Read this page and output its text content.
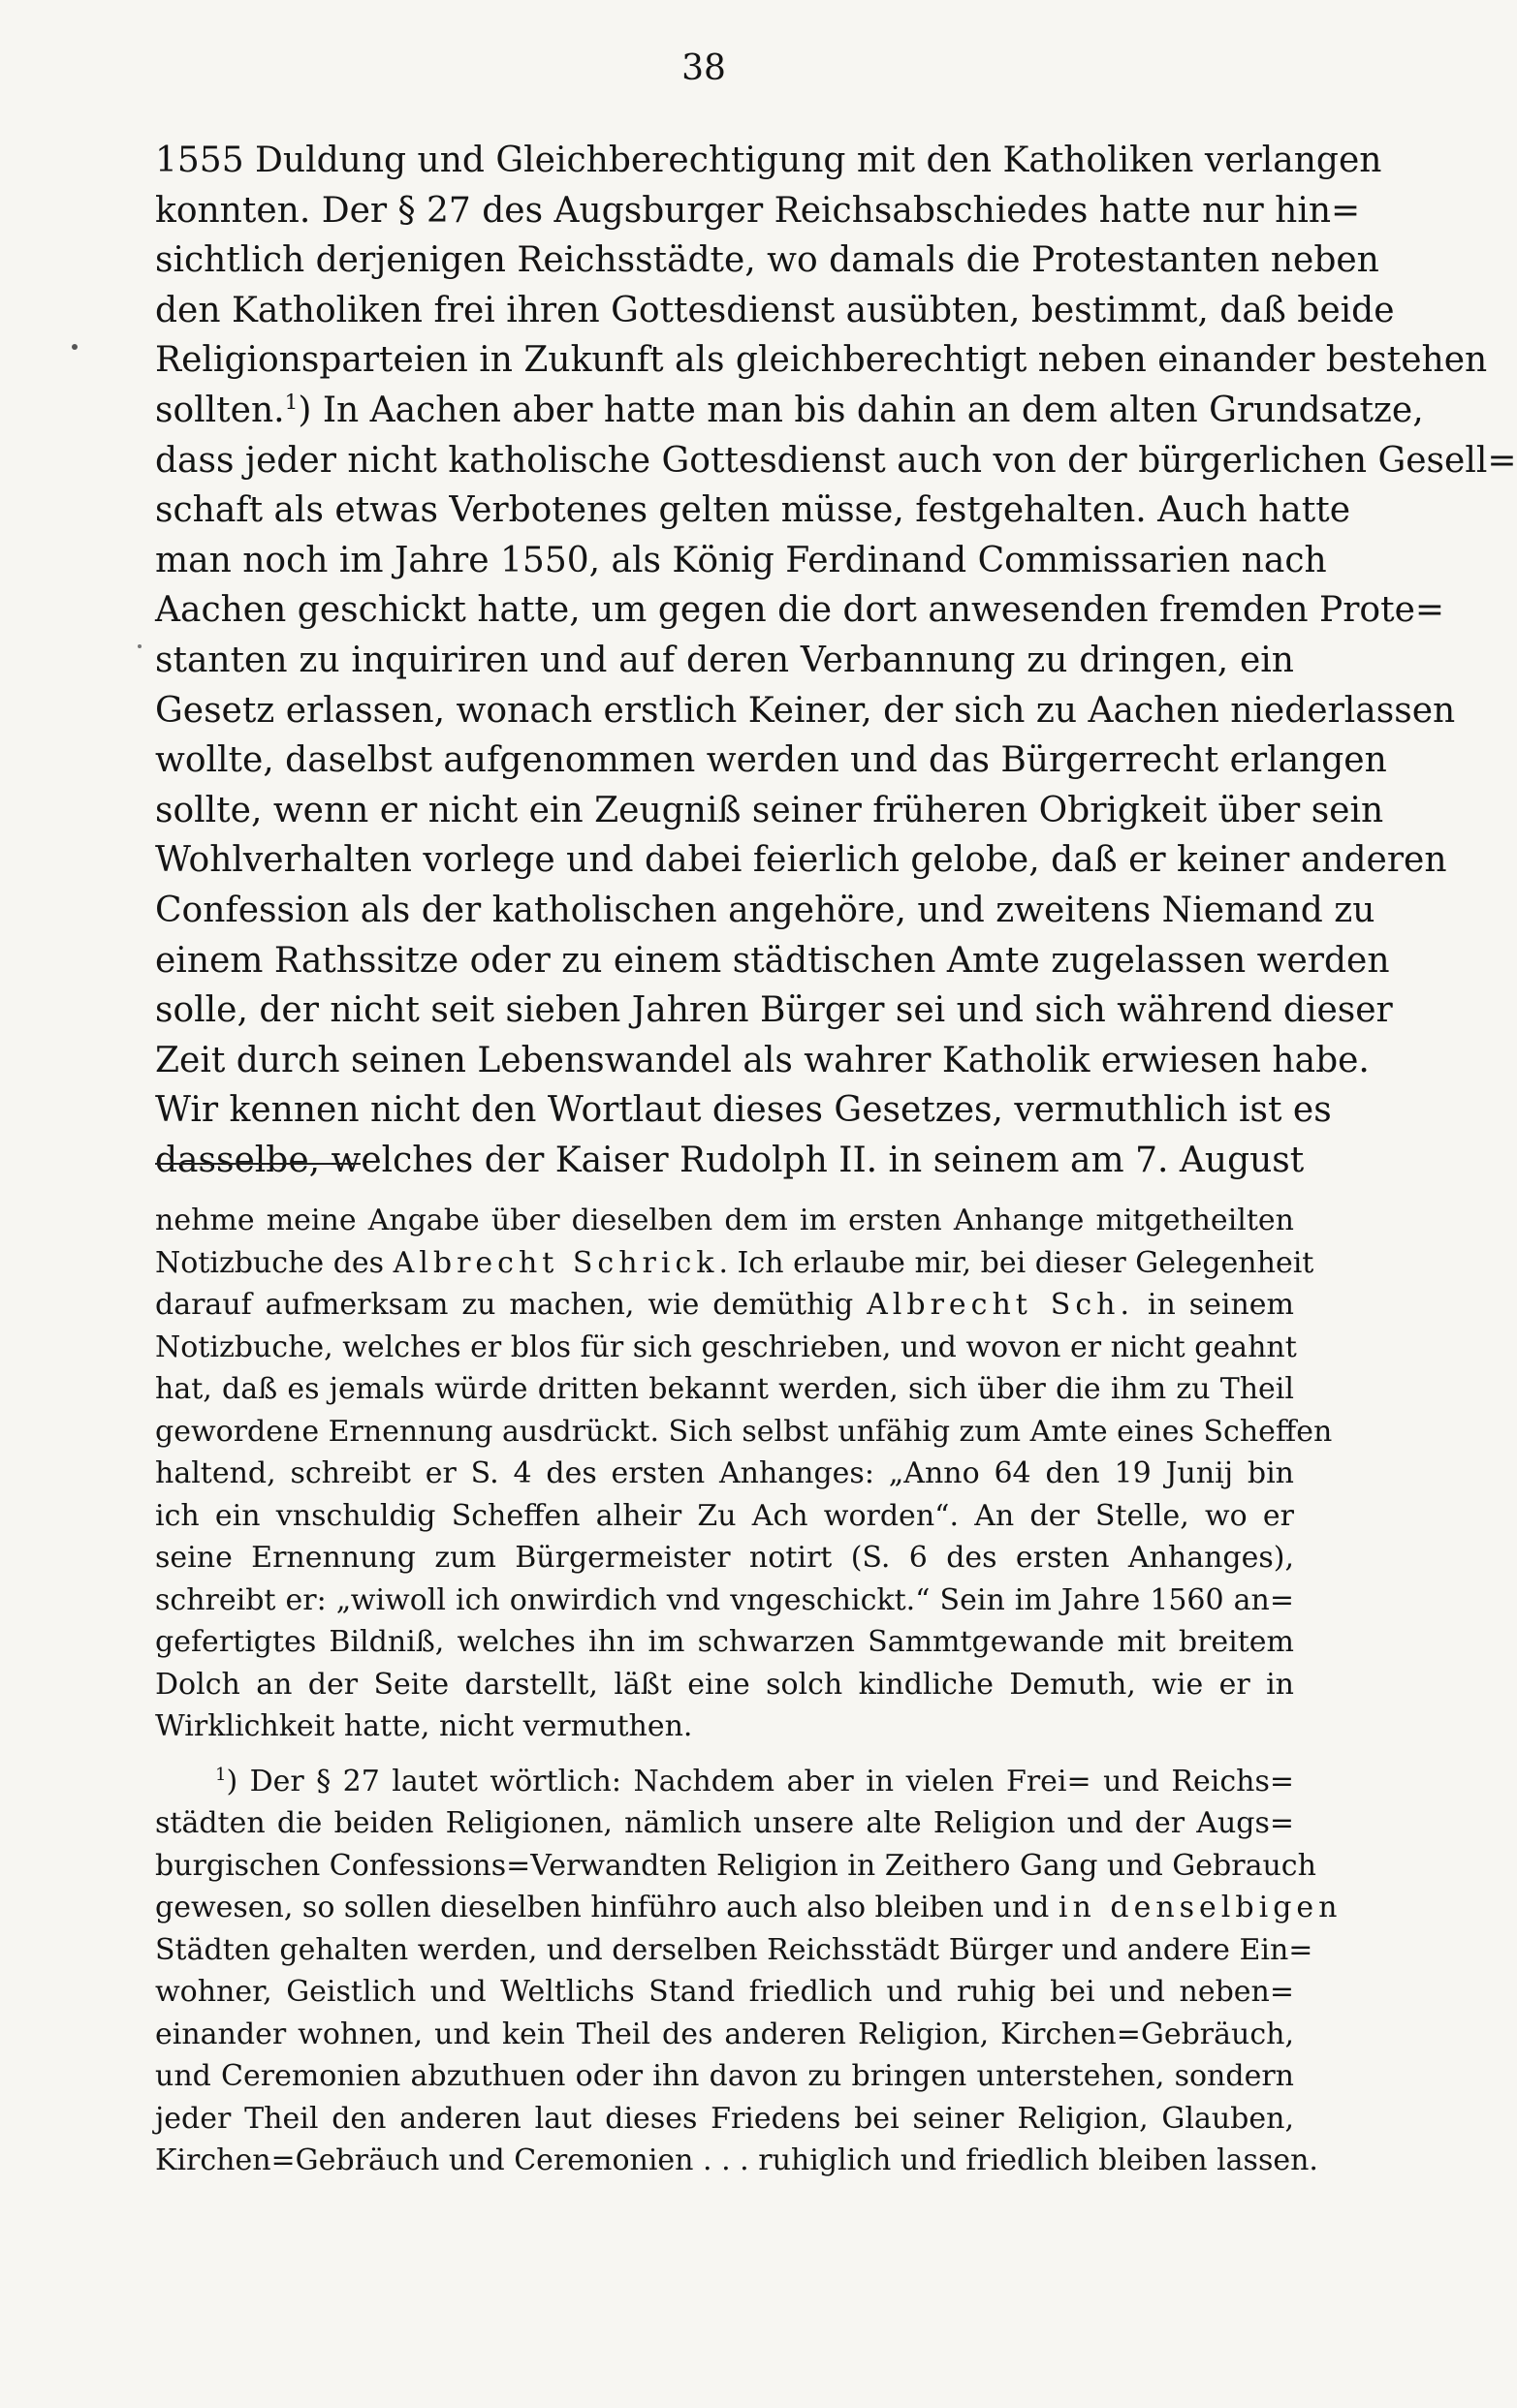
38
1555 Duldung und Gleichberechtigung mit den Katholiken verlangen
konnten. Der § 27 des Augsburger Reichsabschiedes hatte nur hin=
sichtlich derjenigen Reichsstädte, wo damals die Protestanten neben
den Katholiken frei ihren Gottesdienst ausübten, bestimmt, daß beide
Religionsparteien in Zukunft als gleichberechtigt neben einander bestehen
sollten.$^1$) In Aachen aber hatte man bis dahin an dem alten Grundsatze,
dass jeder nicht katholische Gottesdienst auch von der bürgerlichen Gesell=
schaft als etwas Verbotenes gelten müsse, festgehalten. Auch hatte
man noch im Jahre 1550, als König Ferdinand Commissarien nach
Aachen geschickt hatte, um gegen die dort anwesenden fremden Prote=
stanten zu inquiriren und auf deren Verbannung zu dringen, ein
Gesetz erlassen, wonach erstlich Keiner, der sich zu Aachen niederlassen
wollte, daselbst aufgenommen werden und das Bürgerrecht erlangen
sollte, wenn er nicht ein Zeugniß seiner früheren Obrigkeit über sein
Wohlverhalten vorlege und dabei feierlich gelobe, daß er keiner anderen
Confession als der katholischen angehöre, und zweitens Niemand zu
einem Rathssitze oder zu einem städtischen Amte zugelassen werden
solle, der nicht seit sieben Jahren Bürger sei und sich während dieser
Zeit durch seinen Lebenswandel als wahrer Katholik erwiesen habe.
Wir kennen nicht den Wortlaut dieses Gesetzes, vermuthlich ist es
dasselbe, welches der Kaiser Rudolph II. in seinem am 7. August
nehme meine Angabe über dieselben dem im ersten Anhange mitgetheilten
Notizbuche des Albrecht Schrick. Ich erlaube mir, bei dieser Gelegenheit
darauf aufmerksam zu machen, wie demüthig Albrecht Sch. in seinem
Notizbuche, welches er blos für sich geschrieben, und wovon er nicht geahnt
hat, daß es jemals würde dritten bekannt werden, sich über die ihm zu Theil
gewordene Ernennung ausdrückt. Sich selbst unfähig zum Amte eines Scheffen
haltend, schreibt er S. 4 des ersten Anhanges: „Anno 64 den 19 Junij bin
ich ein vnschuldig Scheffen alheir Zu Ach worden“. An der Stelle, wo er
seine Ernennung zum Bürgermeister notirt (S. 6 des ersten Anhanges),
schreibt er: „wiwoll ich onwirdich vnd vngeschickt.“ Sein im Jahre 1560 an=
gefertigtes Bildniß, welches ihn im schwarzen Sammtgewande mit breitem
Dolch an der Seite darstellt, läßt eine solch kindliche Demuth, wie er in
Wirklichkeit hatte, nicht vermuthen.
$^1$) Der § 27 lautet wörtlich: Nachdem aber in vielen Frei= und Reichs=
städten die beiden Religionen, nämlich unsere alte Religion und der Augs=
burgischen Confessions=Verwandten Religion in Zeithero Gang und Gebrauch
gewesen, so sollen dieselben hinführo auch also bleiben und in denselbigen
Städten gehalten werden, und derselben Reichsstädt Bürger und andere Ein=
wohner, Geistlich und Weltlichs Stand friedlich und ruhig bei und neben=
einander wohnen, und kein Theil des anderen Religion, Kirchen=Gebräuch,
und Ceremonien abzuthuen oder ihn davon zu bringen unterstehen, sondern
jeder Theil den anderen laut dieses Friedens bei seiner Religion, Glauben,
Kirchen=Gebräuch und Ceremonien . . . ruhiglich und friedlich bleiben lassen.
